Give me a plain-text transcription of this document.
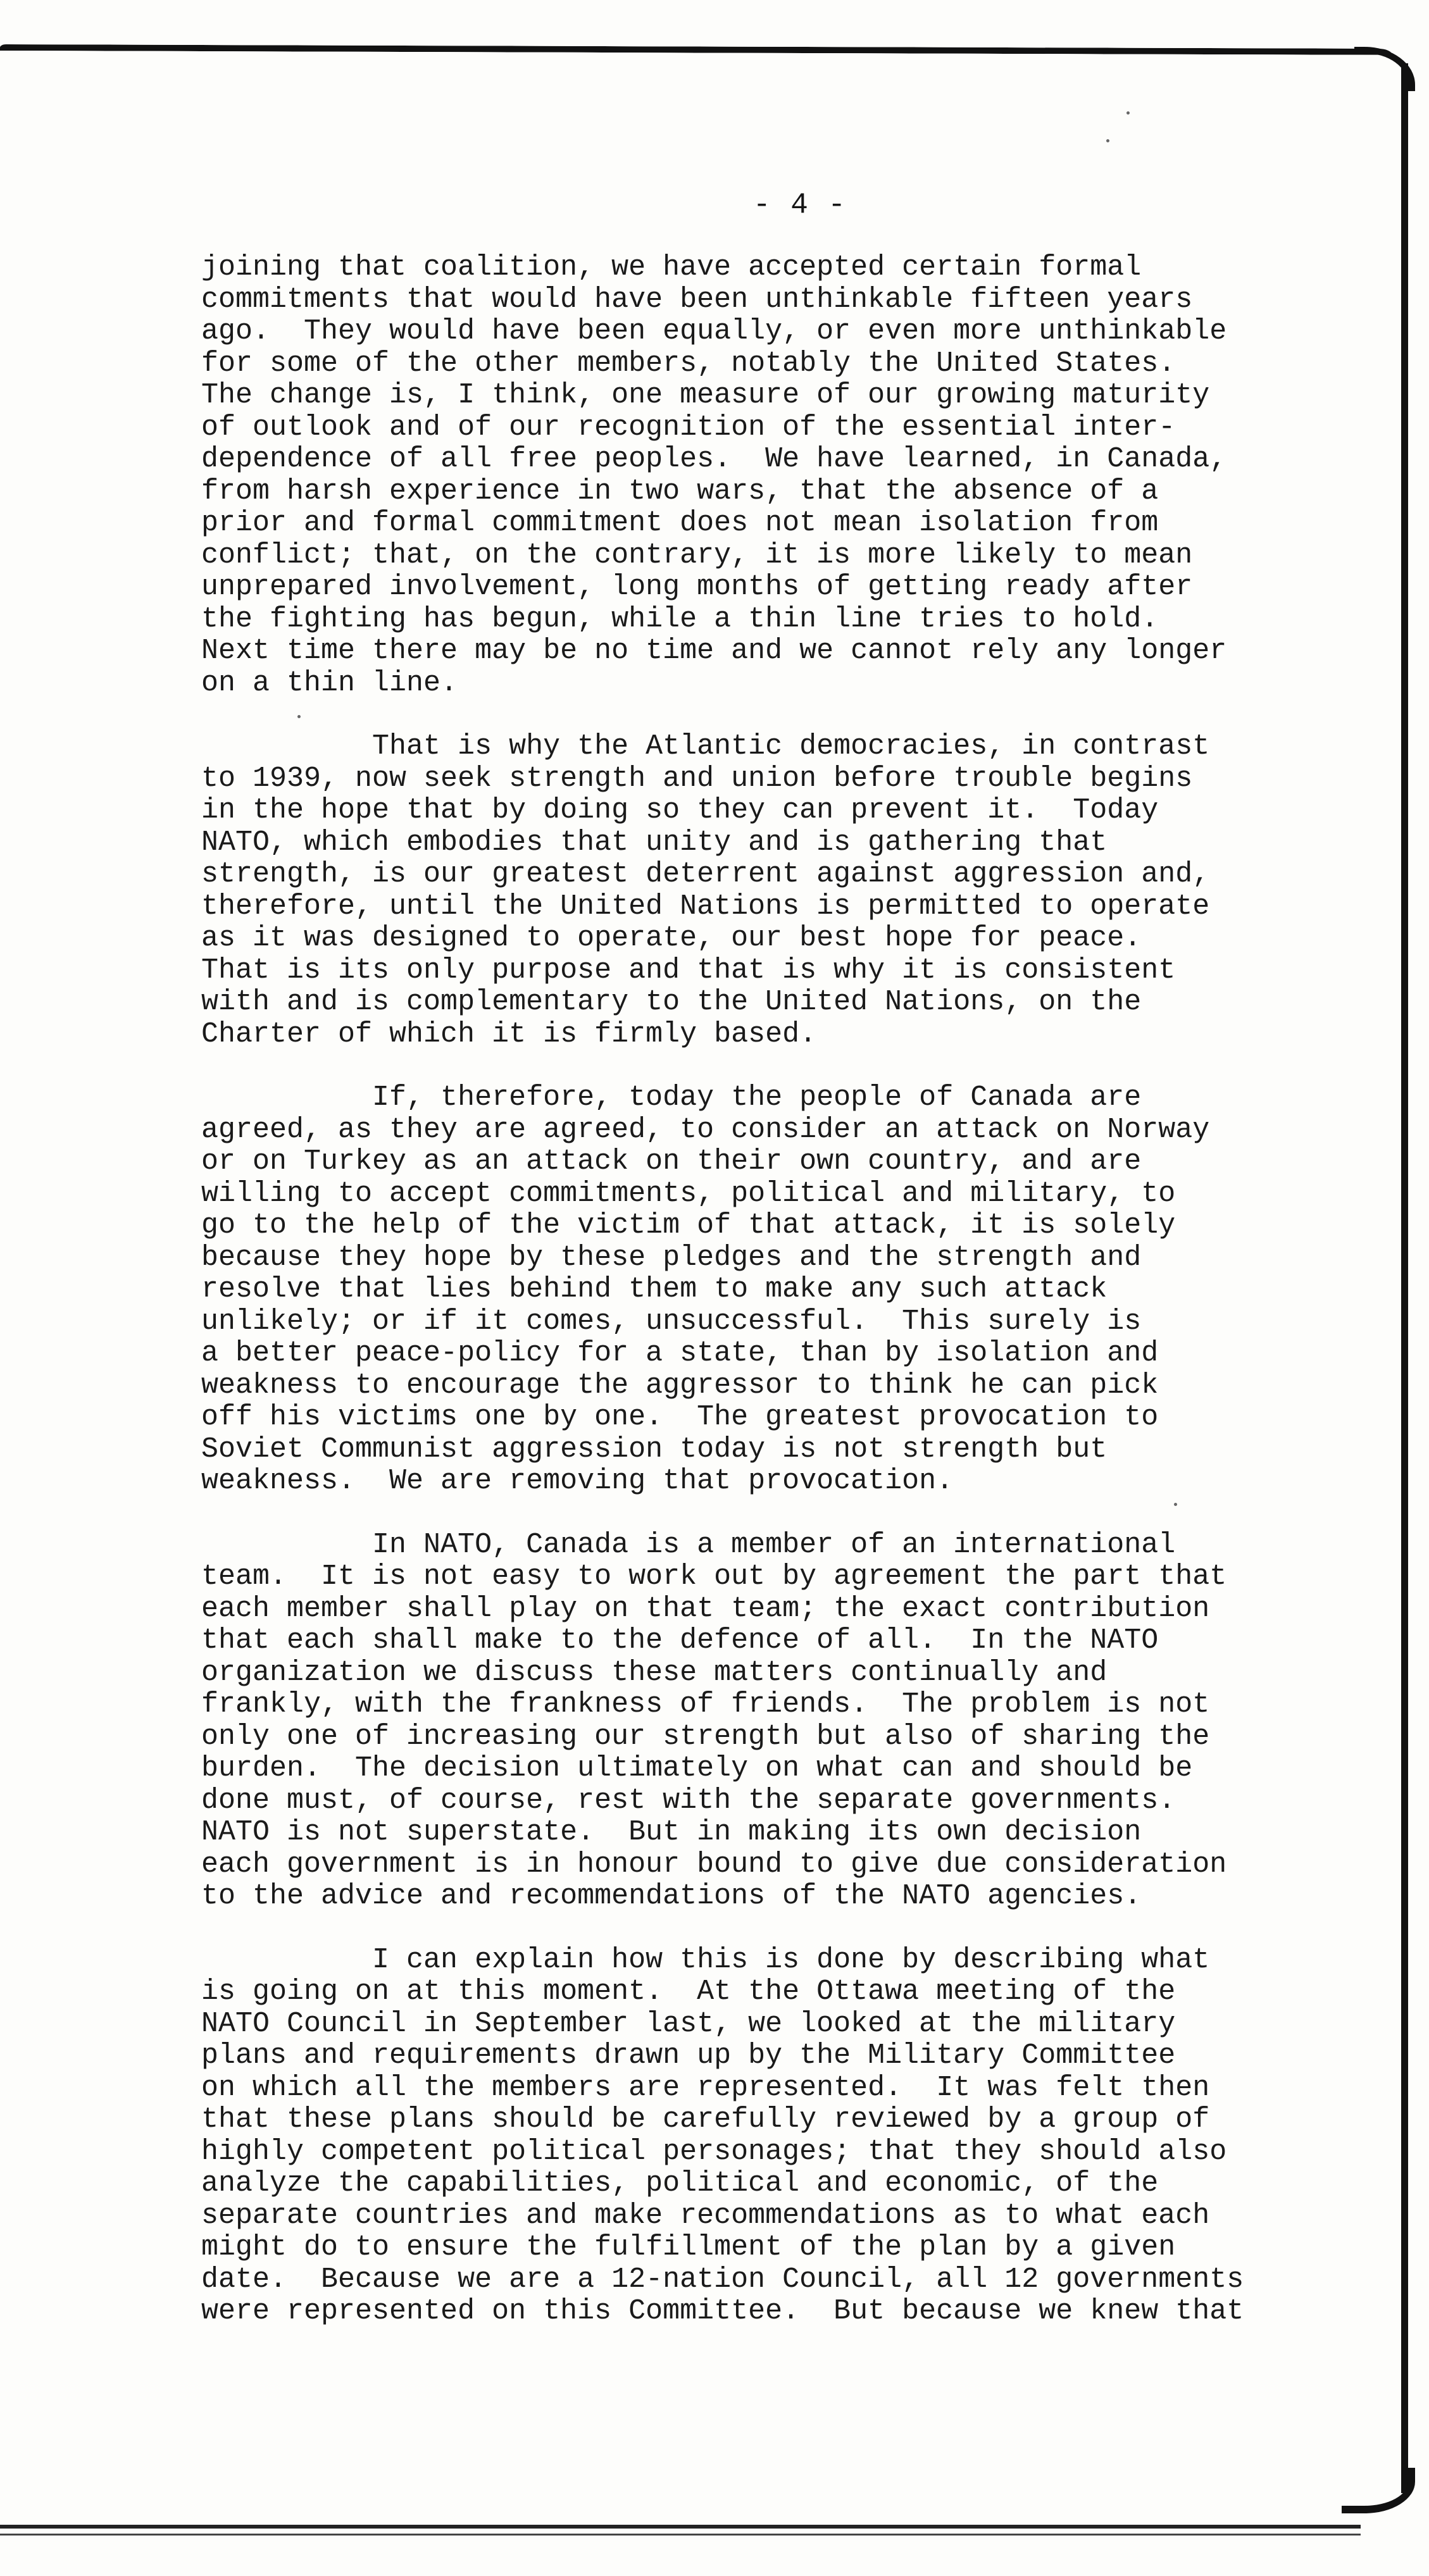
- 4 -
joining that coalition, we have accepted certain formal
commitments that would have been unthinkable fifteen years
ago.  They would have been equally, or even more unthinkable
for some of the other members, notably the United States.
The change is, I think, one measure of our growing maturity
of outlook and of our recognition of the essential inter-
dependence of all free peoples.  We have learned, in Canada,
from harsh experience in two wars, that the absence of a
prior and formal commitment does not mean isolation from
conflict; that, on the contrary, it is more likely to mean
unprepared involvement, long months of getting ready after
the fighting has begun, while a thin line tries to hold.
Next time there may be no time and we cannot rely any longer
on a thin line.
That is why the Atlantic democracies, in contrast
to 1939, now seek strength and union before trouble begins
in the hope that by doing so they can prevent it.  Today
NATO, which embodies that unity and is gathering that
strength, is our greatest deterrent against aggression and,
therefore, until the United Nations is permitted to operate
as it was designed to operate, our best hope for peace.
That is its only purpose and that is why it is consistent
with and is complementary to the United Nations, on the
Charter of which it is firmly based.
If, therefore, today the people of Canada are
agreed, as they are agreed, to consider an attack on Norway
or on Turkey as an attack on their own country, and are
willing to accept commitments, political and military, to
go to the help of the victim of that attack, it is solely
because they hope by these pledges and the strength and
resolve that lies behind them to make any such attack
unlikely; or if it comes, unsuccessful.  This surely is
a better peace-policy for a state, than by isolation and
weakness to encourage the aggressor to think he can pick
off his victims one by one.  The greatest provocation to
Soviet Communist aggression today is not strength but
weakness.  We are removing that provocation.
In NATO, Canada is a member of an international
team.  It is not easy to work out by agreement the part that
each member shall play on that team; the exact contribution
that each shall make to the defence of all.  In the NATO
organization we discuss these matters continually and
frankly, with the frankness of friends.  The problem is not
only one of increasing our strength but also of sharing the
burden.  The decision ultimately on what can and should be
done must, of course, rest with the separate governments.
NATO is not superstate.  But in making its own decision
each government is in honour bound to give due consideration
to the advice and recommendations of the NATO agencies.
I can explain how this is done by describing what
is going on at this moment.  At the Ottawa meeting of the
NATO Council in September last, we looked at the military
plans and requirements drawn up by the Military Committee
on which all the members are represented.  It was felt then
that these plans should be carefully reviewed by a group of
highly competent political personages; that they should also
analyze the capabilities, political and economic, of the
separate countries and make recommendations as to what each
might do to ensure the fulfillment of the plan by a given
date.  Because we are a 12-nation Council, all 12 governments
were represented on this Committee.  But because we knew that
